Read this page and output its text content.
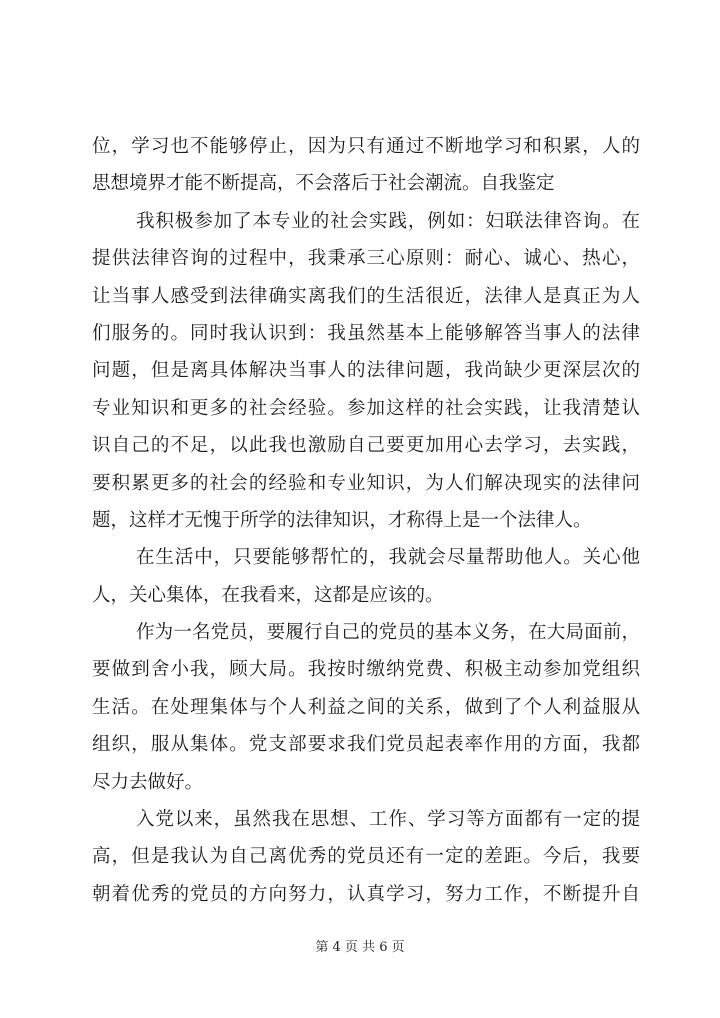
位，学习也不能够停止，因为只有通过不断地学习和积累，人的
思想境界才能不断提高，不会落后于社会潮流。自我鉴定
我积极参加了本专业的社会实践，例如：妇联法律咨询。在
提供法律咨询的过程中，我秉承三心原则：耐心、诚心、热心，
让当事人感受到法律确实离我们的生活很近，法律人是真正为人
们服务的。同时我认识到：我虽然基本上能够解答当事人的法律
问题，但是离具体解决当事人的法律问题，我尚缺少更深层次的
专业知识和更多的社会经验。参加这样的社会实践，让我清楚认
识自己的不足，以此我也激励自己要更加用心去学习，去实践，
要积累更多的社会的经验和专业知识，为人们解决现实的法律问
题，这样才无愧于所学的法律知识，才称得上是一个法律人。
在生活中，只要能够帮忙的，我就会尽量帮助他人。关心他
人，关心集体，在我看来，这都是应该的。
作为一名党员，要履行自己的党员的基本义务，在大局面前，
要做到舍小我，顾大局。我按时缴纳党费、积极主动参加党组织
生活。在处理集体与个人利益之间的关系，做到了个人利益服从
组织，服从集体。党支部要求我们党员起表率作用的方面，我都
尽力去做好。
入党以来，虽然我在思想、工作、学习等方面都有一定的提
高，但是我认为自己离优秀的党员还有一定的差距。今后，我要
朝着优秀的党员的方向努力，认真学习，努力工作，不断提升自
第 4 页 共 6 页
